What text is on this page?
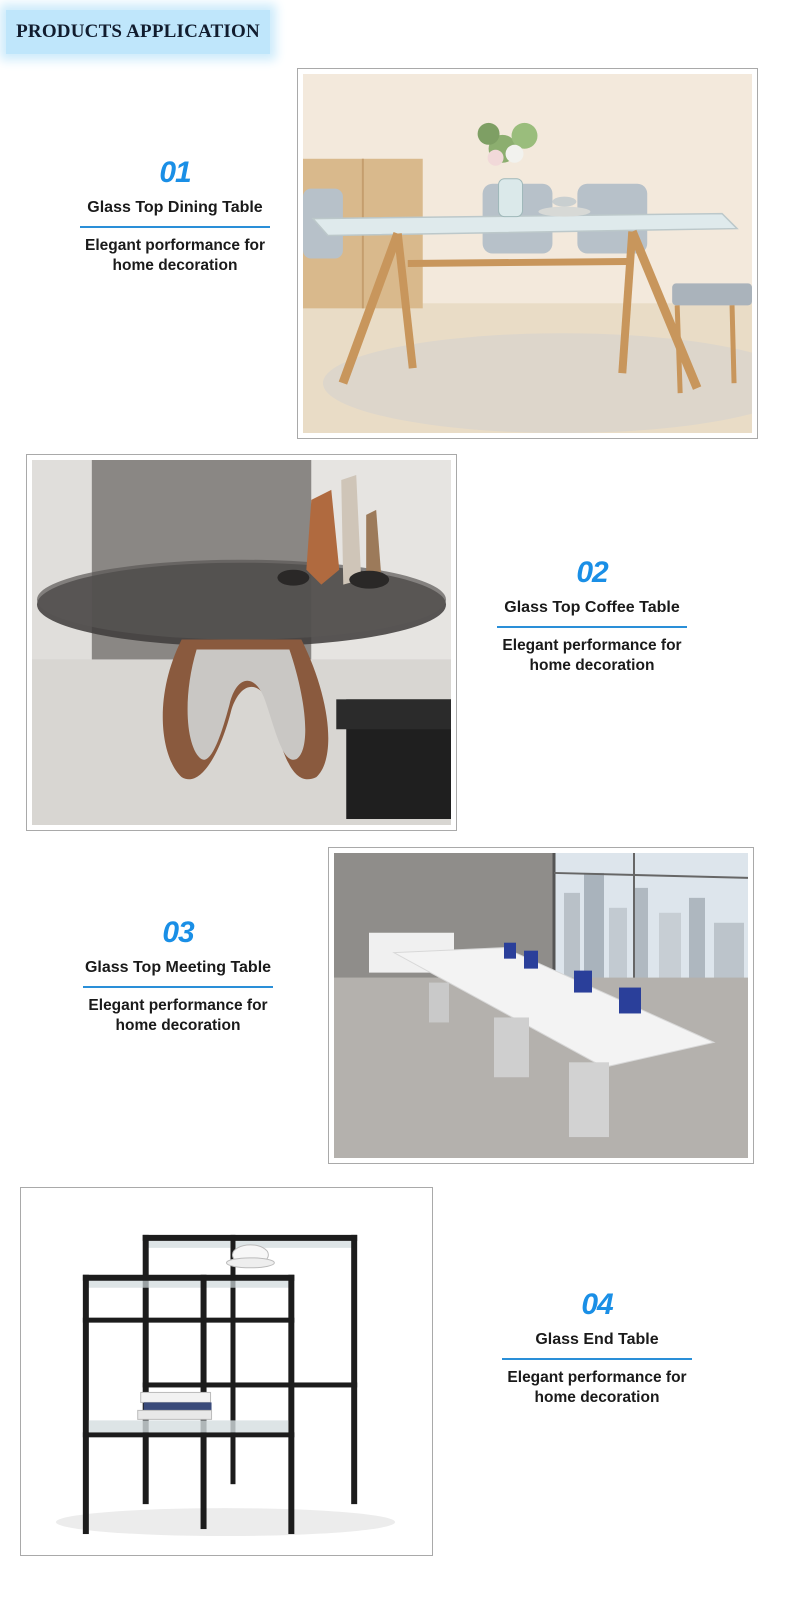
PRODUCTS APPLICATION
01
Glass Top Dining Table
Elegant porformance for
home decoration
02
Glass Top Coffee Table
Elegant performance for
home decoration
03
Glass Top Meeting Table
Elegant performance for
home decoration
04
Glass End Table
Elegant performance for
home decoration
